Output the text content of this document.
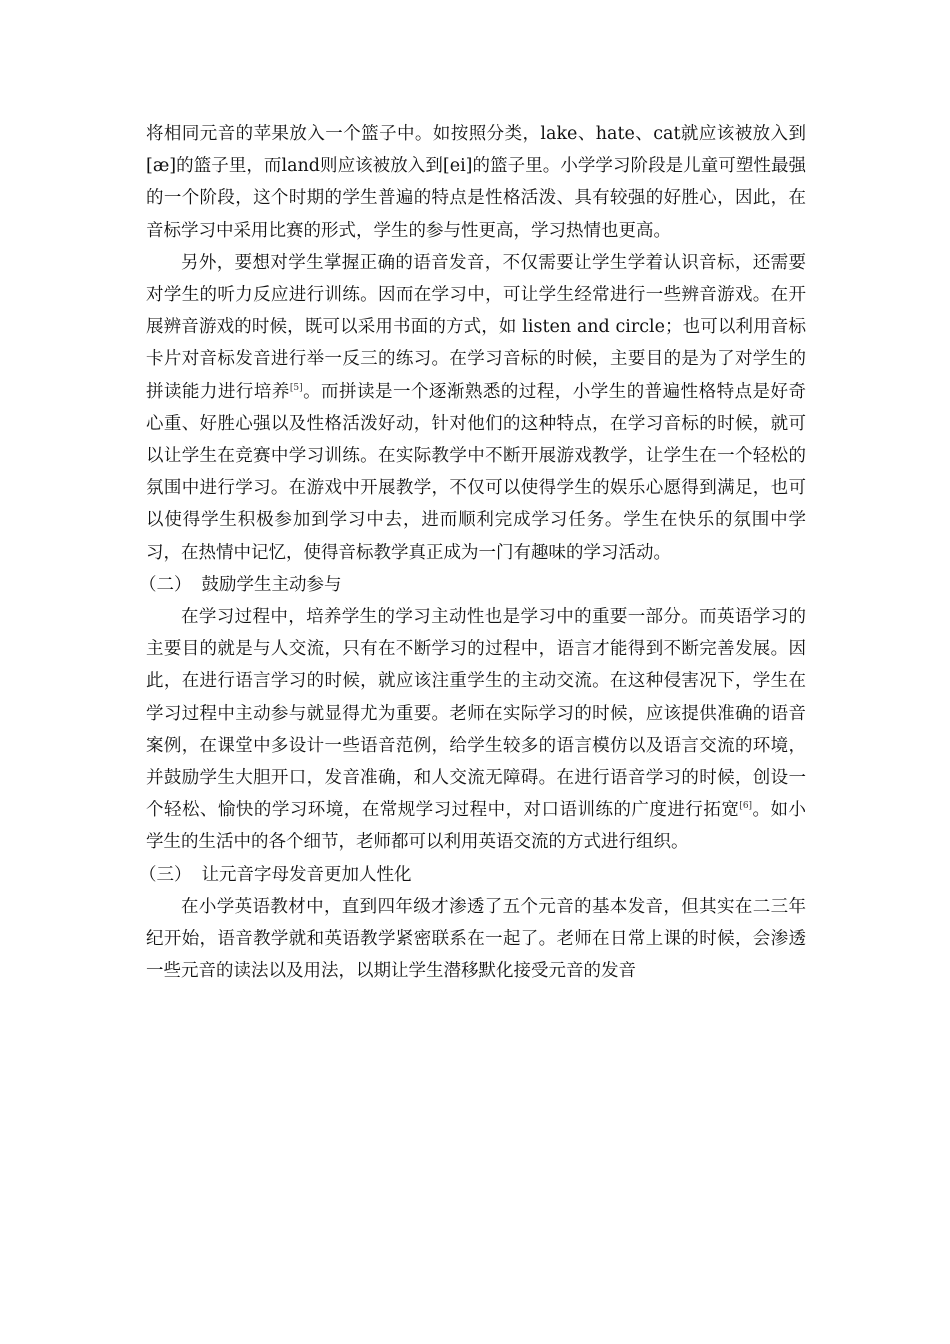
将相同元音的苹果放入一个篮子中。如按照分类，lake、hate、cat就应该被放入到[æ]的篮子里，而land则应该被放入到[ei]的篮子里。小学学习阶段是儿童可塑性最强的一个阶段，这个时期的学生普遍的特点是性格活泼、具有较强的好胜心，因此，在音标学习中采用比赛的形式，学生的参与性更高，学习热情也更高。

另外，要想对学生掌握正确的语音发音，不仅需要让学生学着认识音标，还需要对学生的听力反应进行训练。因而在学习中，可让学生经常进行一些辨音游戏。在开展辨音游戏的时候，既可以采用书面的方式，如 listen and circle；也可以利用音标卡片对音标发音进行举一反三的练习。在学习音标的时候，主要目的是为了对学生的拼读能力进行培养[5]。而拼读是一个逐渐熟悉的过程，小学生的普遍性格特点是好奇心重、好胜心强以及性格活泼好动，针对他们的这种特点，在学习音标的时候，就可以让学生在竞赛中学习训练。在实际教学中不断开展游戏教学，让学生在一个轻松的氛围中进行学习。在游戏中开展教学，不仅可以使得学生的娱乐心愿得到满足，也可以使得学生积极参加到学习中去，进而顺利完成学习任务。学生在快乐的氛围中学习，在热情中记忆，使得音标教学真正成为一门有趣味的学习活动。

（二） 鼓励学生主动参与

在学习过程中，培养学生的学习主动性也是学习中的重要一部分。而英语学习的主要目的就是与人交流，只有在不断学习的过程中，语言才能得到不断完善发展。因此，在进行语言学习的时候，就应该注重学生的主动交流。在这种侵害况下，学生在学习过程中主动参与就显得尤为重要。老师在实际学习的时候，应该提供准确的语音案例，在课堂中多设计一些语音范例，给学生较多的语言模仿以及语言交流的环境，并鼓励学生大胆开口，发音准确，和人交流无障碍。在进行语音学习的时候，创设一个轻松、愉快的学习环境，在常规学习过程中，对口语训练的广度进行拓宽[6]。如小学生的生活中的各个细节，老师都可以利用英语交流的方式进行组织。

（三） 让元音字母发音更加人性化

在小学英语教材中，直到四年级才渗透了五个元音的基本发音，但其实在二三年纪开始，语音教学就和英语教学紧密联系在一起了。老师在日常上课的时候，会渗透一些元音的读法以及用法，以期让学生潜移默化接受元音的发音
